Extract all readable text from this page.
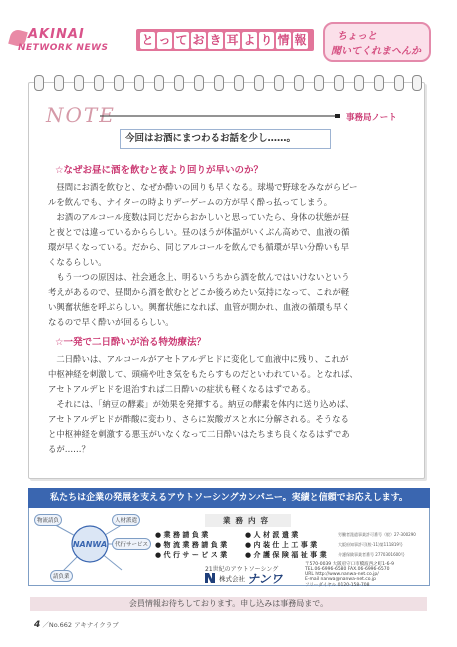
AKINAI
NETWORK NEWS
と っ て お き 耳 よ り 情 報	ちょっと
聞いてくれまへんか
NOTE	事務局ノート
今回はお酒にまつわるお話を少し……。
☆なぜお昼に酒を飲むと夜より回りが早いのか？
　昼間にお酒を飲むと、なぜか酔いの回りも早くなる。球場で野球をみながらビー
ルを飲んでも、ナイターの時よりデーゲームの方が早く酔っ払ってしまう。
　お酒のアルコール度数は同じだからおかしいと思っていたら、身体の状態が昼
と夜とでは違っているかららしい。昼のほうが体温がいくぶん高めで、血液の循
環が早くなっている。だから、同じアルコールを飲んでも循環が早い分酔いも早
くなるらしい。
　もう一つの原因は、社会通念上、明るいうちから酒を飲んではいけないという
考えがあるので、昼間から酒を飲むとどこか後ろめたい気持になって、これが軽
い興奮状態を呼ぶらしい。興奮状態になれば、血管が開かれ、血液の循環も早く
なるので早く酔いが回るらしい。
☆一発で二日酔いが治る特効療法？
　二日酔いは、アルコールがアセトアルデヒドに変化して血液中に残り、これが
中枢神経を刺激して、頭痛や吐き気をもたらすものだといわれている。となれば、
アセトアルデヒドを退治すれば二日酔いの症状も軽くなるはずである。
　それには、「納豆の酵素」が効果を発揮する。納豆の酵素を体内に送り込めば、
アセトアルデヒドが酢酸に変わり、さらに炭酸ガスと水に分解される。そうなる
と中枢神経を刺激する悪玉がいなくなって二日酔いはたちまち良くなるはずであ
るが……？
私たちは企業の発展を支えるアウトソーシングカンパニー。実績と信頼でお応えします。
NANWA
人材派遣
代行サービス
物流請負
請負業
業務内容
● 業 務 請 負 業
● 物 流 業 務 請 負 業
● 代 行 サ ー ビ ス 業
● 人 材 派 遣 業
● 内 装 仕 上 工 事 業
● 介 護 保 険 福 祉 事 業
労働者派遣事業許可番号（般）27-300290
大阪府知事許可(般-11)第111819号
介護保険事業者番号 2770301600号
21世紀のアウトソーシング
株式会社 ナンワ
〒570-0039 大阪府守口市橋波西之町1-6-9
TEL.06-6996-6580 FAX.06-6996-6570
URL http://www.nanwa-net.co.jp/
E-mail nanwa@nanwa-net.co.jp
フリーダイヤル 0120-158-708
会員情報お待ちしております。申し込みは事務局まで。
4 ／No.662 アキナイクラブ
